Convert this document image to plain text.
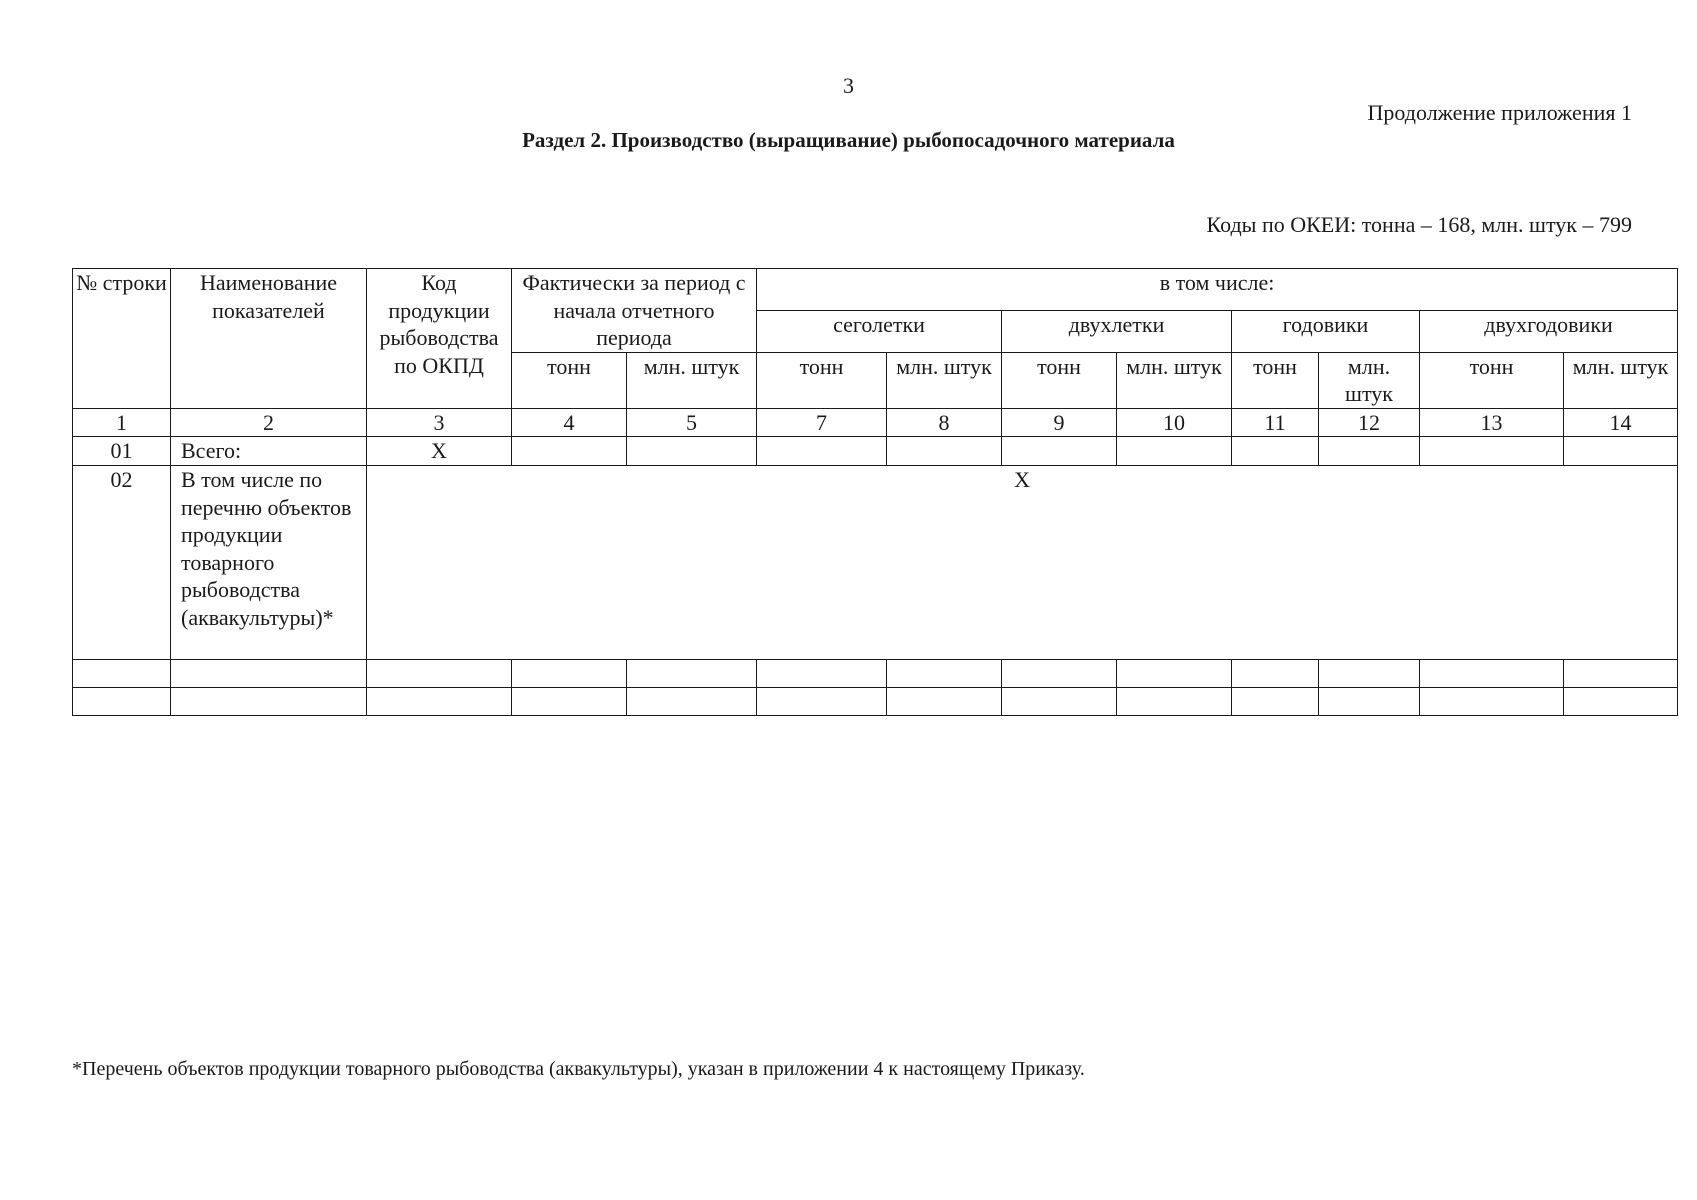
3
Продолжение приложения 1
Раздел 2. Производство (выращивание) рыбопосадочного материала
Коды по ОКЕИ: тонна – 168, млн. штук – 799
№ строки	Наименование показателей	Код продукции рыбоводства по ОКПД	Фактически за период с начала отчетного периода		в том числе:							
					сеголетки		двухлетки		годовики		двухгодовики	
			тонн	млн. штук	тонн	млн. штук	тонн	млн. штук	тонн	млн. штук	тонн	млн. штук
1	2	3	4	5	7	8	9	10	11	12	13	14
01	Всего:	Х										
02	В том числе по перечню объектов продукции товарного рыбоводства (аквакультуры)*	Х										

*Перечень объектов продукции товарного рыбоводства (аквакультуры), указан в приложении 4 к настоящему Приказу.
